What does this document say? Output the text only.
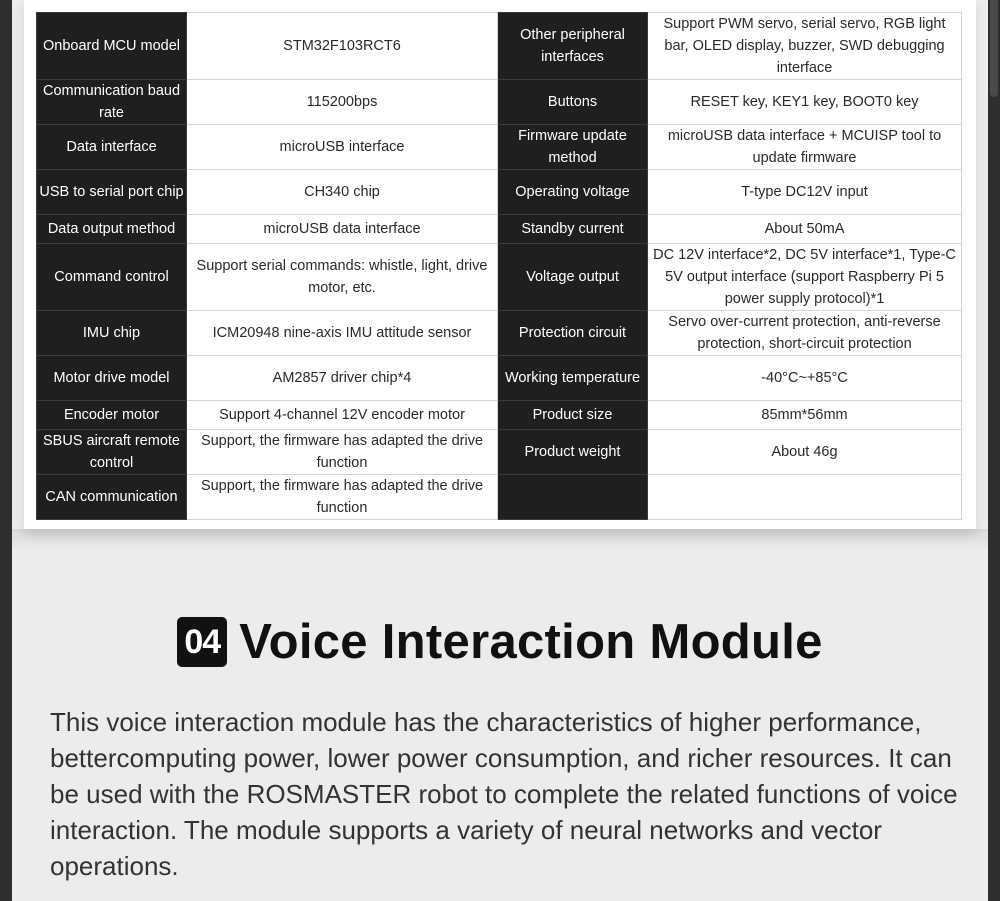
Onboard MCU model	STM32F103RCT6	Other peripheral interfaces	Support PWM servo, serial servo, RGB light bar, OLED display, buzzer, SWD debugging interface
Communication baud rate	115200bps	Buttons	RESET key, KEY1 key, BOOT0 key
Data interface	microUSB interface	Firmware update method	microUSB data interface + MCUISP tool to update firmware
USB to serial port chip	CH340 chip	Operating voltage	T-type DC12V input
Data output method	microUSB data interface	Standby current	About 50mA
Command control	Support serial commands: whistle, light, drive motor, etc.	Voltage output	DC 12V interface*2, DC 5V interface*1, Type-C 5V output interface (support Raspberry Pi 5 power supply protocol)*1
IMU chip	ICM20948 nine-axis IMU attitude sensor	Protection circuit	Servo over-current protection, anti-reverse protection, short-circuit protection
Motor drive model	AM2857 driver chip*4	Working temperature	-40°C~+85°C
Encoder motor	Support 4-channel 12V encoder motor	Product size	85mm*56mm
SBUS aircraft remote control	Support, the firmware has adapted the drive function	Product weight	About 46g
CAN communication	Support, the firmware has adapted the drive function		
04 Voice Interaction Module

This voice interaction module has the characteristics of higher performance, bettercomputing power, lower power consumption, and richer resources. It can be used with the ROSMASTER robot to complete the related functions of voice interaction. The module supports a variety of neural networks and vector operations.
